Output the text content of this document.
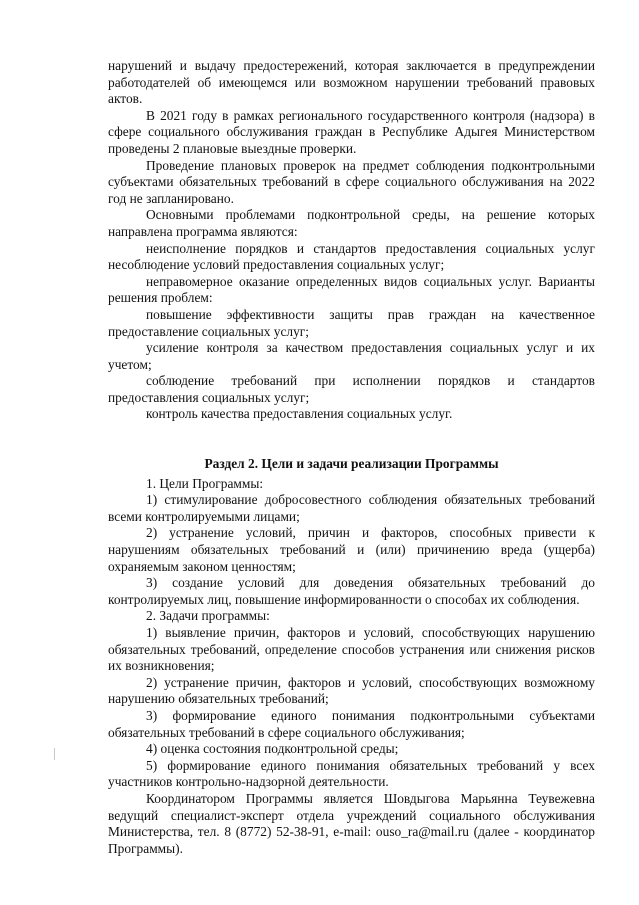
нарушений и выдачу предостережений, которая заключается в предупреждении работодателей об имеющемся или возможном нарушении требований правовых актов.

В 2021 году в рамках регионального государственного контроля (надзора) в сфере социального обслуживания граждан в Республике Адыгея Министерством проведены 2 плановые выездные проверки.

Проведение плановых проверок на предмет соблюдения подконтрольными субъектами обязательных требований в сфере социального обслуживания на 2022 год не запланировано.

Основными проблемами подконтрольной среды, на решение которых направлена программа являются:

неисполнение порядков и стандартов предоставления социальных услуг несоблюдение условий предоставления социальных услуг;

неправомерное оказание определенных видов социальных услуг. Варианты решения проблем:

повышение эффективности защиты прав граждан на качественное предоставление социальных услуг;

усиление контроля за качеством предоставления социальных услуг и их учетом;

соблюдение требований при исполнении порядков и стандартов предоставления социальных услуг;

контроль качества предоставления социальных услуг.

Раздел 2. Цели и задачи реализации Программы

1. Цели Программы:

1) стимулирование добросовестного соблюдения обязательных требований всеми контролируемыми лицами;

2) устранение условий, причин и факторов, способных привести к нарушениям обязательных требований и (или) причинению вреда (ущерба) охраняемым законом ценностям;

3) создание условий для доведения обязательных требований до контролируемых лиц, повышение информированности о способах их соблюдения.

2. Задачи программы:

1) выявление причин, факторов и условий, способствующих нарушению обязательных требований, определение способов устранения или снижения рисков их возникновения;

2) устранение причин, факторов и условий, способствующих возможному нарушению обязательных требований;

3) формирование единого понимания подконтрольными субъектами обязательных требований в сфере социального обслуживания;

4) оценка состояния подконтрольной среды;

5) формирование единого понимания обязательных требований у всех участников контрольно-надзорной деятельности.

Координатором Программы является Шовдыгова Марьянна Теувежевна ведущий специалист-эксперт отдела учреждений социального обслуживания Министерства, тел. 8 (8772) 52-38-91, e-mail: ouso_ra@mail.ru (далее - координатор Программы).
